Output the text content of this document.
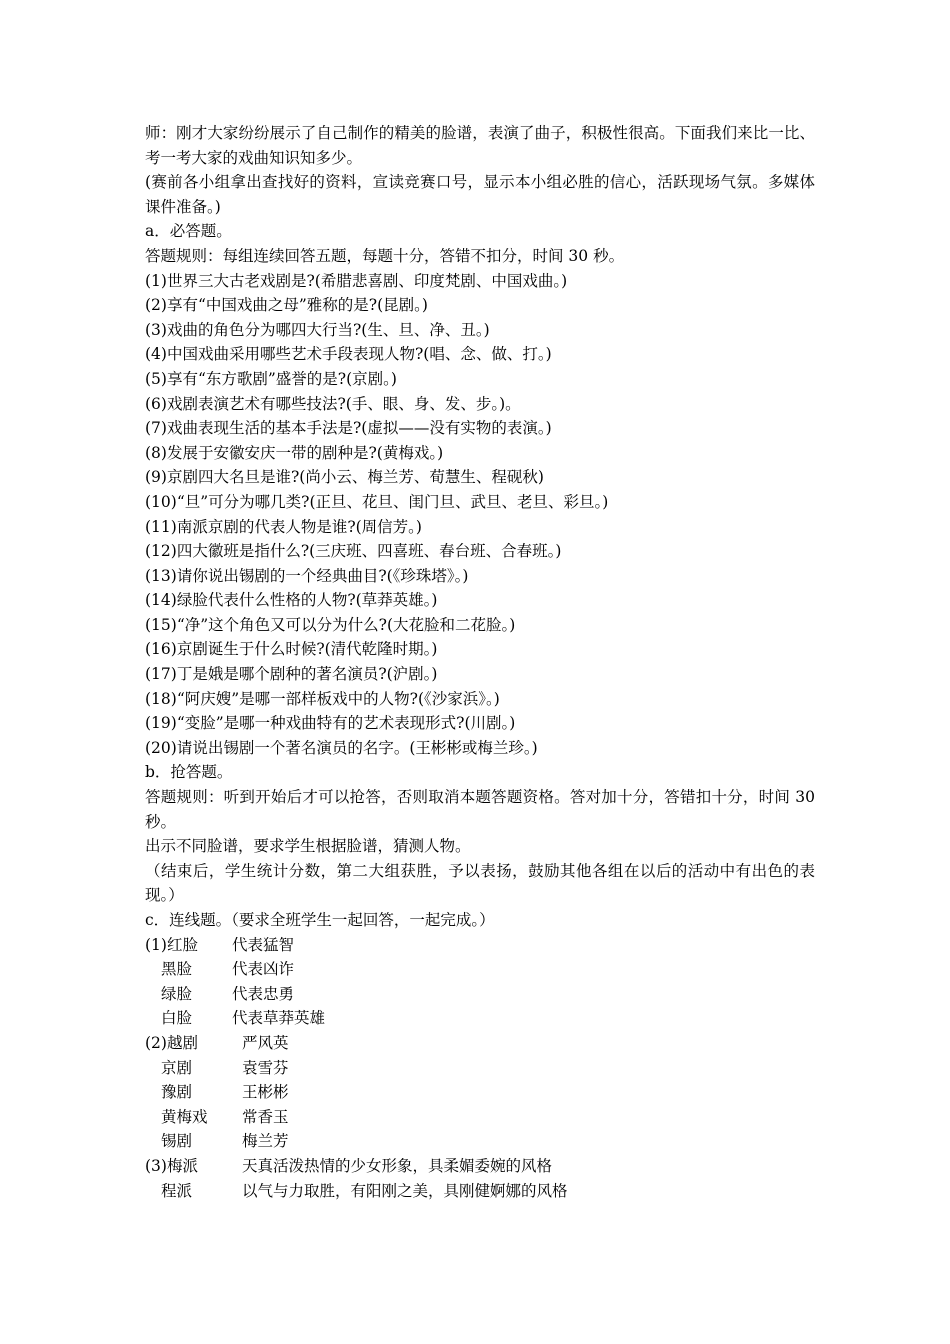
师：刚才大家纷纷展示了自己制作的精美的脸谱，表演了曲子，积极性很高。下面我们来比一比、考一考大家的戏曲知识知多少。
(赛前各小组拿出查找好的资料，宣读竞赛口号，显示本小组必胜的信心，活跃现场气氛。多媒体课件准备。)
a．必答题。
答题规则：每组连续回答五题，每题十分，答错不扣分，时间 30 秒。
(1)世界三大古老戏剧是?(希腊悲喜剧、印度梵剧、中国戏曲。)
(2)享有“中国戏曲之母”雅称的是?(昆剧。)
(3)戏曲的角色分为哪四大行当?(生、旦、净、丑。)
(4)中国戏曲采用哪些艺术手段表现人物?(唱、念、做、打。)
(5)享有“东方歌剧”盛誉的是?(京剧。)
(6)戏剧表演艺术有哪些技法?(手、眼、身、发、步。)。
(7)戏曲表现生活的基本手法是?(虚拟——没有实物的表演。)
(8)发展于安徽安庆一带的剧种是?(黄梅戏。)
(9)京剧四大名旦是谁?(尚小云、梅兰芳、荀慧生、程砚秋)
(10)“旦”可分为哪几类?(正旦、花旦、闺门旦、武旦、老旦、彩旦。)
(11)南派京剧的代表人物是谁?(周信芳。)
(12)四大徽班是指什么?(三庆班、四喜班、春台班、合春班。)
(13)请你说出锡剧的一个经典曲目?(《珍珠塔》。)
(14)绿脸代表什么性格的人物?(草莽英雄。)
(15)“净”这个角色又可以分为什么?(大花脸和二花脸。)
(16)京剧诞生于什么时候?(清代乾隆时期。)
(17)丁是娥是哪个剧种的著名演员?(沪剧。)
(18)“阿庆嫂”是哪一部样板戏中的人物?(《沙家浜》。)
(19)“变脸”是哪一种戏曲特有的艺术表现形式?(川剧。)
(20)请说出锡剧一个著名演员的名字。(王彬彬或梅兰珍。)
b．抢答题。
答题规则：听到开始后才可以抢答，否则取消本题答题资格。答对加十分，答错扣十分，时间 30 秒。
出示不同脸谱，要求学生根据脸谱，猜测人物。
（结束后，学生统计分数，第二大组获胜，予以表扬，鼓励其他各组在以后的活动中有出色的表现。）
c．连线题。（要求全班学生一起回答，一起完成。）
(1)红脸	代表猛智
黑脸	代表凶诈
绿脸	代表忠勇
白脸	代表草莽英雄
(2)越剧	严风英
京剧	袁雪芬
豫剧	王彬彬
黄梅戏	常香玉
锡剧	梅兰芳
(3)梅派	天真活泼热情的少女形象，具柔媚委婉的风格
程派	以气与力取胜，有阳刚之美，具刚健婀娜的风格
